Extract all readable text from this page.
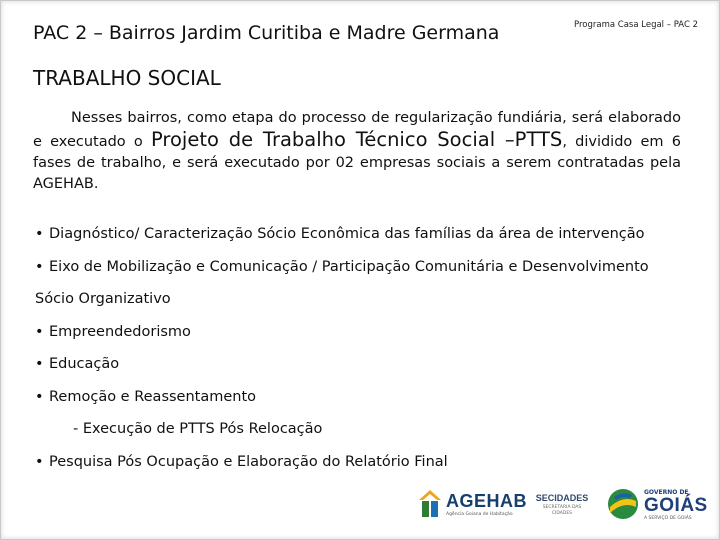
PAC 2 – Bairros Jardim Curitiba e Madre Germana	Programa Casa Legal – PAC 2
TRABALHO SOCIAL
Nesses bairros, como etapa do processo de regularização fundiária, será elaborado e executado o Projeto de Trabalho Técnico Social –PTTS, dividido em 6 fases de trabalho, e será executado por 02 empresas sociais a serem contratadas pela AGEHAB.
• Diagnóstico/ Caracterização Sócio Econômica das famílias da área de intervenção
• Eixo de Mobilização e Comunicação / Participação Comunitária e Desenvolvimento
Sócio Organizativo
• Empreendedorismo
• Educação
• Remoção e Reassentamento
- Execução de PTTS Pós Relocação
• Pesquisa Pós Ocupação e Elaboração do Relatório Final
AGEHAB
Agência Goiana de Habitação
SECIDADES
SECRETARIA DAS
CIDADES
GOVERNO DE
GOIÁS
A SERVIÇO DE GOIÁS
